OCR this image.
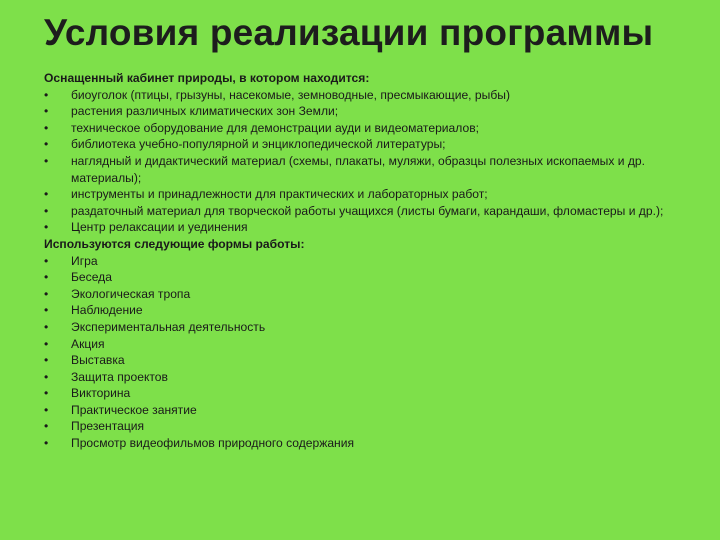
Условия реализации программы

Оснащенный кабинет природы, в котором находится:

•	биоуголок (птицы, грызуны, насекомые, земноводные, пресмыкающие, рыбы)
•	растения различных климатических зон Земли;
•	техническое оборудование для демонстрации ауди и видеоматериалов;
•	библиотека учебно-популярной и энциклопедической литературы;
•	наглядный и дидактический материал (схемы, плакаты, муляжи, образцы полезных ископаемых и др. материалы);
•	инструменты и принадлежности для практических и лабораторных работ;
•	раздаточный материал для творческой работы учащихся (листы бумаги, карандаши, фломастеры и др.);
•	Центр релаксации и уединения

Используются следующие формы работы:

•	Игра
•	Беседа
•	Экологическая тропа
•	Наблюдение
•	Экспериментальная деятельность
•	Акция
•	Выставка
•	Защита проектов
•	Викторина
•	Практическое занятие
•	Презентация
•	Просмотр видеофильмов природного содержания
